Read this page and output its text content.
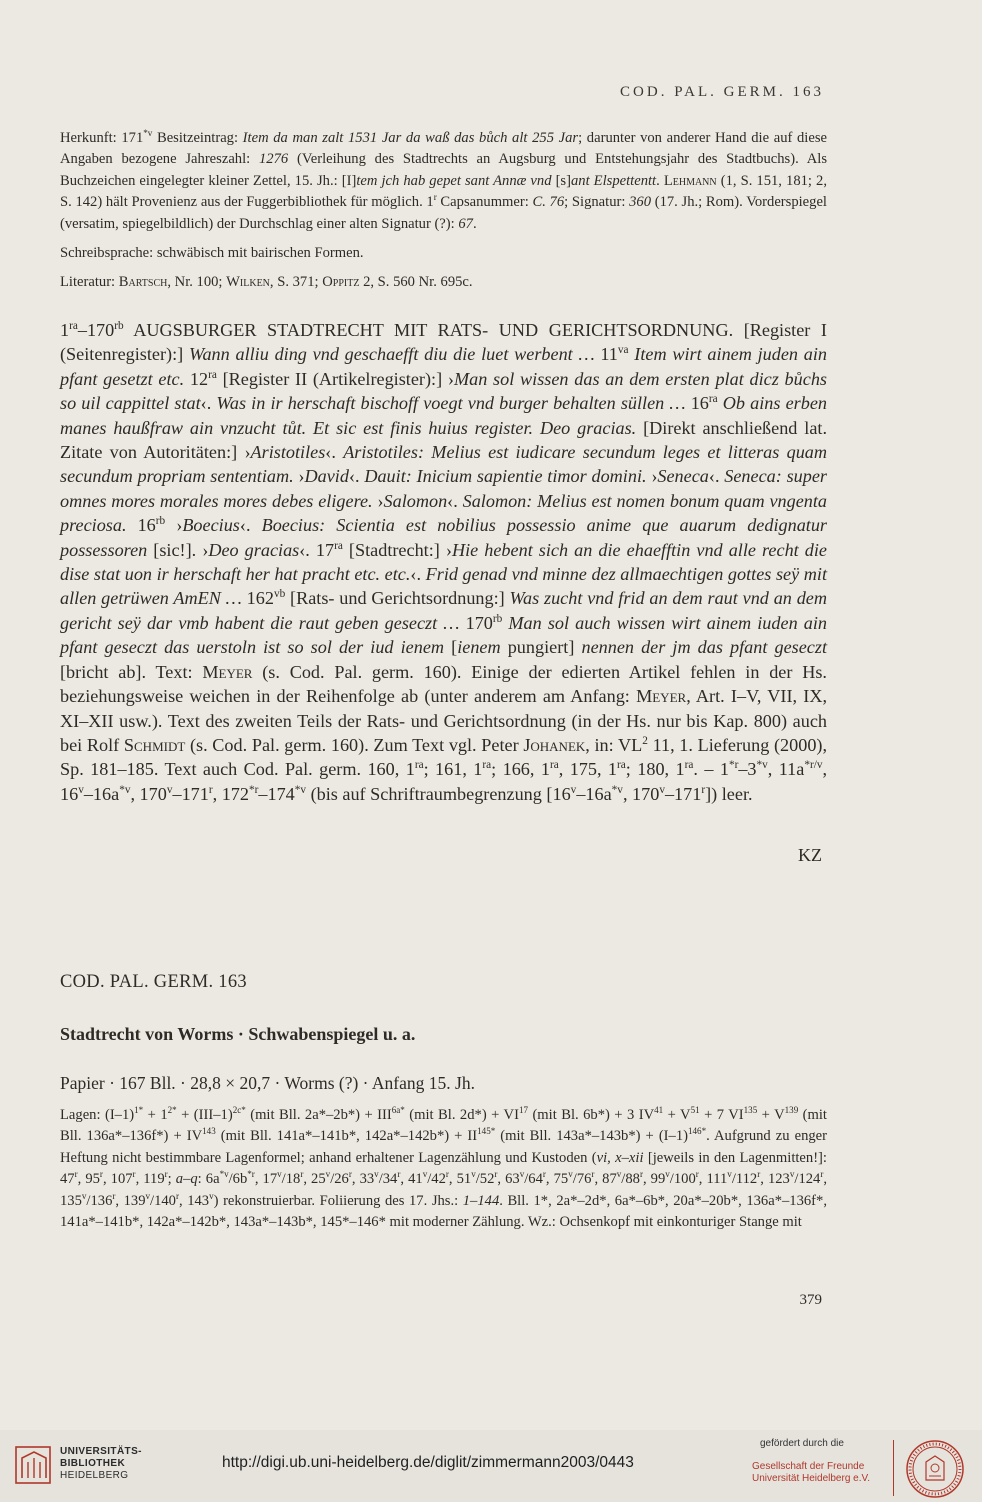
COD. PAL. GERM. 163

Herkunft: 171$^{*v}$ Besitzeintrag: Item da man zalt 1531 Jar da waß das bůch alt 255 Jar; darunter von anderer Hand die auf diese Angaben bezogene Jahreszahl: 1276 (Verleihung des Stadtrechts an Augsburg und Entstehungsjahr des Stadtbuchs). Als Buchzeichen eingelegter kleiner Zettel, 15. Jh.: [I]tem jch hab gepet sant Annæ vnd [s]ant Elspettentt. Lehmann (1, S. 151, 181; 2, S. 142) hält Provenienz aus der Fuggerbibliothek für möglich. 1$^r$ Capsanummer: C. 76; Signatur: 360 (17. Jh.; Rom). Vorderspiegel (versatim, spiegelbildlich) der Durchschlag einer alten Signatur (?): 67.

Schreibsprache: schwäbisch mit bairischen Formen.

Literatur: Bartsch, Nr. 100; Wilken, S. 371; Oppitz 2, S. 560 Nr. 695c.

$1^{ra}-170^{rb}$ AUGSBURGER STADTRECHT MIT RATS- UND GERICHTSORDNUNG. [Register I (Seitenregister):] Wann alliu ding vnd geschaefft diu die luet werbent … $11^{va}$ Item wirt ainem juden ain pfant gesetzt etc. $12^{ra}$ [Register II (Artikelregister):] ›Man sol wissen das an dem ersten plat dicz bůchs so uil cappittel stat‹. Was in ir herschaft bischoff voegt vnd burger behalten süllen … $16^{ra}$ Ob ains erben manes haußfraw ain vnzucht tůt. Et sic est finis huius register. Deo gracias. [Direkt anschließend lat. Zitate von Autoritäten:] ›Aristotiles‹. Aristotiles: Melius est iudicare secundum leges et litteras quam secundum propriam sententiam. ›David‹. Dauit: Inicium sapientie timor domini. ›Seneca‹. Seneca: super omnes mores morales mores debes eligere. ›Salomon‹. Salomon: Melius est nomen bonum quam vngenta preciosa. $16^{rb}$ ›Boecius‹. Boecius: Scientia est nobilius possessio anime que auarum dedignatur possessoren [sic!]. ›Deo gracias‹. $17^{ra}$ [Stadtrecht:] ›Hie hebent sich an die ehaefftin vnd alle recht die dise stat uon ir herschaft her hat pracht etc. etc.‹. Frid genad vnd minne dez allmaechtigen gottes seÿ mit allen getrüwen AmEN … $162^{vb}$ [Rats- und Gerichtsordnung:] Was zucht vnd frid an dem raut vnd an dem gericht seÿ dar vmb habent die raut geben geseczt … $170^{rb}$ Man sol auch wissen wirt ainem iuden ain pfant geseczt das uerstoln ist so sol der iud ienem [ienem pungiert] nennen der jm das pfant geseczt [bricht ab]. Text: Meyer (s. Cod. Pal. germ. 160). Einige der edierten Artikel fehlen in der Hs. beziehungsweise weichen in der Reihenfolge ab (unter anderem am Anfang: Meyer, Art. I–V, VII, IX, XI–XII usw.). Text des zweiten Teils der Rats- und Gerichtsordnung (in der Hs. nur bis Kap. 800) auch bei Rolf Schmidt (s. Cod. Pal. germ. 160). Zum Text vgl. Peter Johanek, in: $VL^2$ 11, 1. Lieferung (2000), Sp. 181–185. Text auch Cod. Pal. germ. 160, $1^{ra}$; 161, $1^{ra}$; 166, $1^{ra}$, 175, $1^{ra}$; 180, $1^{ra}$. – 1$^{*r}$–3$^{*v}$, $11a^{*r/v}$, $16^v-16a^{*v}$, 170$^v$–171$^r$, 172$^{*r}$–174$^{*v}$ (bis auf Schriftraumbegrenzung [$16^v-16a^{*v}$, 170$^v$–171$^r$]) leer.

KZ
COD. PAL. GERM. 163
Stadtrecht von Worms · Schwabenspiegel u. a.
Papier · 167 Bll. · 28,8 × 20,7 · Worms (?) · Anfang 15. Jh.

Lagen: $(I-1)^{1*} + 1^{2*} + (III-1)^{2c*}$ (mit Bll. $2a*-2b*) + III^{6a*}$ (mit Bl. $2d*) + VI^{17}$ (mit Bl. 6b*) + 3 $IV^{41} + V^{51} + 7$ $VI^{135} + V^{139}$ (mit Bll. $136a*-136f*) + IV^{143}$ (mit Bll. 141a*–141b*, $142a*-142b*) + II^{145*}$ (mit Bll. $143a*-143b*) + (I-1)^{146*}$. Aufgrund zu enger Heftung nicht bestimmbare Lagenformel; anhand erhaltener Lagenzählung und Kustoden (vi, x–xii [jeweils in den Lagenmitten!]: 47$^r$, 95$^r$, 107$^r$, 119$^r$; a–q: $6a^{*v}/6b^{*r}$, 17$^v$/18$^r$, 25$^v$/26$^r$, 33$^v$/34$^r$, 41$^v$/42$^r$, 51$^v$/52$^r$, 63$^v$/64$^r$, 75$^v$/76$^r$, 87$^v$/88$^r$, 99$^v$/100$^r$, 111$^v$/112$^r$, 123$^v$/124$^r$, 135$^v$/136$^r$, 139$^v$/140$^r$, 143$^v$) rekonstruierbar. Foliierung des 17. Jhs.: 1–144. Bll. 1*, 2a*–2d*, 6a*–6b*, 20a*–20b*, 136a*–136f*, 141a*–141b*, 142a*–142b*, 143a*–143b*, 145*–146* mit moderner Zählung. Wz.: Ochsenkopf mit einkonturiger Stange mit

379
UNIVERSITÄTS-
BIBLIOTHEK
HEIDELBERG
http://digi.ub.uni-heidelberg.de/diglit/zimmermann2003/0443
gefördert durch die
Gesellschaft der Freunde
Universität Heidelberg e.V.
